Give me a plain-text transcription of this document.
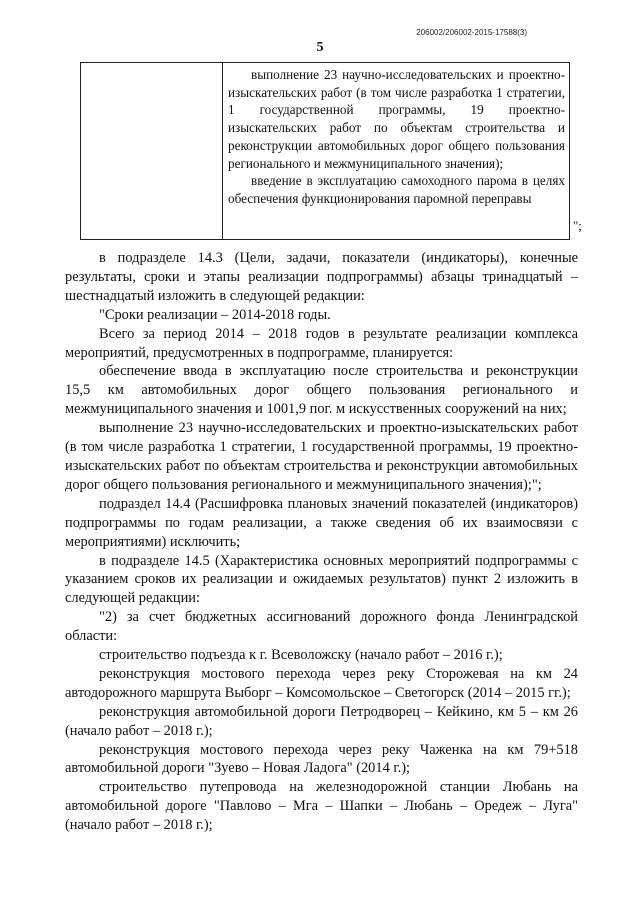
206002/206002-2015-17588(3)
5

выполнение 23 научно-исследовательских и проектно-изыскательских работ (в том числе разработка 1 стратегии, 1 государственной программы, 19 проектно-изыскательских работ по объектам строительства и реконструкции автомобильных дорог общего пользования регионального и межмуниципального значения);

введение в эксплуатацию самоходного парома в целях обеспечения функционирования паромной переправы

";

в подразделе 14.3 (Цели, задачи, показатели (индикаторы), конечные результаты, сроки и этапы реализации подпрограммы) абзацы тринадцатый – шестнадцатый изложить в следующей редакции:

"Сроки реализации – 2014-2018 годы.

Всего за период 2014 – 2018 годов в результате реализации комплекса мероприятий, предусмотренных в подпрограмме, планируется:

обеспечение ввода в эксплуатацию после строительства и реконструкции 15,5 км автомобильных дорог общего пользования регионального и межмуниципального значения и 1001,9 пог. м искусственных сооружений на них;

выполнение 23 научно-исследовательских и проектно-изыскательских работ (в том числе разработка 1 стратегии, 1 государственной программы, 19 проектно-изыскательских работ по объектам строительства и реконструкции автомобильных дорог общего пользования регионального и межмуниципального значения);";

подраздел 14.4 (Расшифровка плановых значений показателей (индикаторов) подпрограммы по годам реализации, а также сведения об их взаимосвязи с мероприятиями) исключить;

в подразделе 14.5 (Характеристика основных мероприятий подпрограммы с указанием сроков их реализации и ожидаемых результатов) пункт 2 изложить в следующей редакции:

"2) за счет бюджетных ассигнований дорожного фонда Ленинградской области:

строительство подъезда к г. Всеволожску (начало работ – 2016 г.);

реконструкция мостового перехода через реку Сторожевая на км 24 автодорожного маршрута Выборг – Комсомольское – Светогорск (2014 – 2015 гг.);

реконструкция автомобильной дороги Петродворец – Кейкино, км 5 – км 26 (начало работ – 2018 г.);

реконструкция мостового перехода через реку Чаженка на км 79+518 автомобильной дороги "Зуево – Новая Ладога" (2014 г.);

строительство путепровода на железнодорожной станции Любань на автомобильной дороге "Павлово – Мга – Шапки – Любань – Оредеж – Луга" (начало работ – 2018 г.);
